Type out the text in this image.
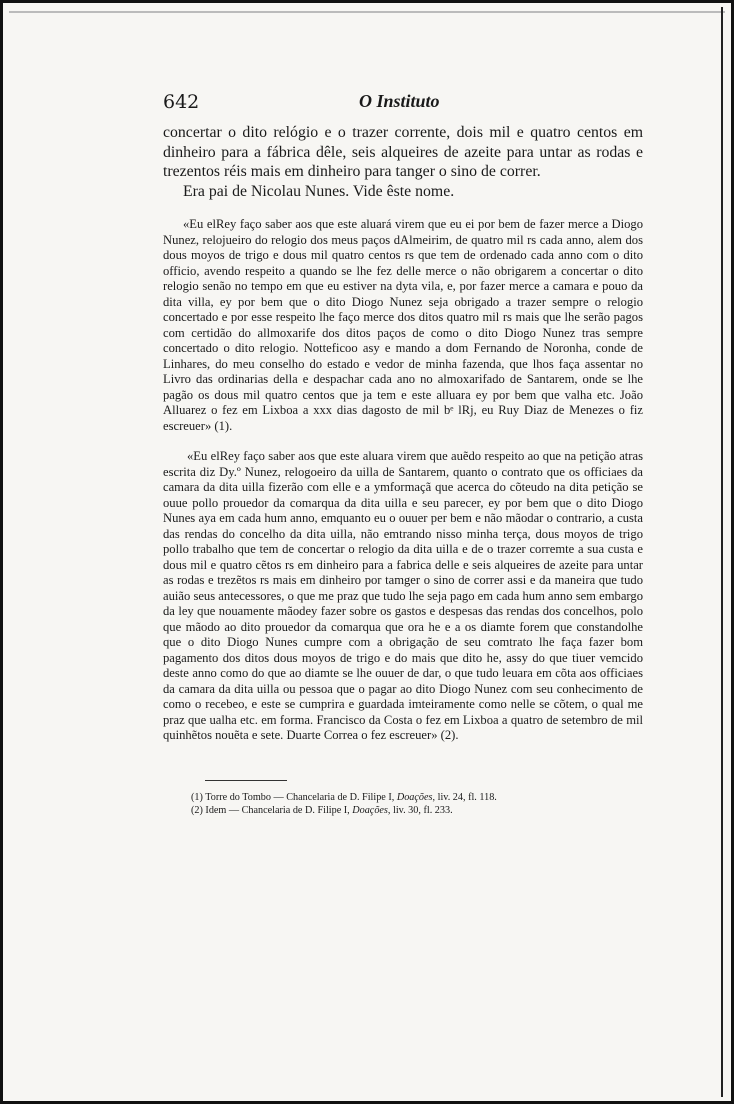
642	O Instituto

concertar o dito relógio e o trazer corrente, dois mil e quatro centos em dinheiro para a fábrica dêle, seis alqueires de azeite para untar as rodas e trezentos réis mais em dinheiro para tanger o sino de correr.

Era pai de Nicolau Nunes. Vide êste nome.

«Eu elRey faço saber aos que este aluará virem que eu ei por bem de fazer merce a Diogo Nunez, relojueiro do relogio dos meus paços dAlmeirim, de quatro mil rs cada anno, alem dos dous moyos de trigo e dous mil quatro centos rs que tem de ordenado cada anno com o dito officio, avendo respeito a quando se lhe fez delle merce o não obrigarem a concertar o dito relogio senão no tempo em que eu estiver na dyta vila, e, por fazer merce a camara e pouo da dita villa, ey por bem que o dito Diogo Nunez seja obrigado a trazer sempre o relogio concertado e por esse respeito lhe faço merce dos ditos quatro mil rs mais que lhe serão pagos com certidão do allmoxarife dos ditos paços de como o dito Diogo Nunez tras sempre concertado o dito relogio. Notteficoo asy e mando a dom Fernando de Noronha, conde de Linhares, do meu conselho do estado e vedor de minha fazenda, que lhos faça assentar no Livro das ordinarias della e despachar cada ano no almoxarifado de Santarem, onde se lhe pagão os dous mil quatro centos que ja tem e este alluara ey por bem que valha etc. João Alluarez o fez em Lixboa a xxx dias dagosto de mil bᵉ lRj, eu Ruy Diaz de Menezes o fiz escreuer» (1).

«Eu elRey faço saber aos que este aluara virem que auẽdo respeito ao que na petição atras escrita diz Dy.º Nunez, relogoeiro da uilla de Santarem, quanto o contrato que os officiaes da camara da dita uilla fizerão com elle e a ymformaçã que acerca do cõteudo na dita petição se ouue pollo prouedor da comarqua da dita uilla e seu parecer, ey por bem que o dito Diogo Nunes aya em cada hum anno, emquanto eu o ouuer per bem e não mãodar o contrario, a custa das rendas do concelho da dita uilla, não emtrando nisso minha terça, dous moyos de trigo pollo trabalho que tem de concertar o relogio da dita uilla e de o trazer corremte a sua custa e dous mil e quatro cẽtos rs em dinheiro para a fabrica delle e seis alqueires de azeite para untar as rodas e trezẽtos rs mais em dinheiro por tamger o sino de correr assi e da maneira que tudo auião seus antecessores, o que me praz que tudo lhe seja pago em cada hum anno sem embargo da ley que nouamente mãodey fazer sobre os gastos e despesas das rendas dos concelhos, polo que mãodo ao dito prouedor da comarqua que ora he e a os diamte forem que constandolhe que o dito Diogo Nunes cumpre com a obrigação de seu comtrato lhe faça fazer bom pagamento dos ditos dous moyos de trigo e do mais que dito he, assy do que tiuer vemcido deste anno como do que ao diamte se lhe ouuer de dar, o que tudo leuara em cõta aos officiaes da camara da dita uilla ou pessoa que o pagar ao dito Diogo Nunez com seu conhecimento de como o recebeo, e este se cumprira e guardada imteiramente como nelle se cõtem, o qual me praz que ualha etc. em forma. Francisco da Costa o fez em Lixboa a quatro de setembro de mil quinhẽtos nouẽta e sete. Duarte Correa o fez escreuer» (2).

(1) Torre do Tombo — Chancelaria de D. Filipe I, Doações, liv. 24, fl. 118.

(2) Idem — Chancelaria de D. Filipe I, Doações, liv. 30, fl. 233.
